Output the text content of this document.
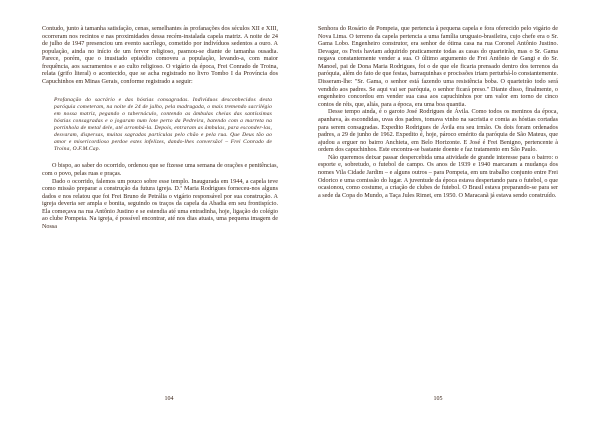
Contudo, junto à tamanha satisfação, cenas, semelhantes às profanações dos séculos XII e XIII, ocorreram nos recintos e nas proximidades dessa recém-instalada capela matriz. A noite de 24 de julho de 1947 presenciou um evento sacrílego, cometido por indivíduos sedentos a ouro. A população, ainda no início de um fervor religioso, pasmou-se diante de tamanha ousadia. Parece, porém, que o inusitado episódio comoveu a população, levando-a, com maior frequência, aos sacramentos e ao culto religioso. O vigário da época, Frei Conrado de Troina, relata (grifo literal) o acontecido, que se acha registrado no livro Tombo I da Província dos Capuchinhos em Minas Gerais, conforme registrado a seguir:

Profanação do sacrário e das hóstias consagradas. Indivíduos desconhecidos desta paróquia cometeram, na noite de 24 de julho, pela madrugada, o mais tremendo sacrilégio em nossa matriz, pegando o tabernáculo, contendo as âmbulas cheias das santíssimas hóstias consagradas e o jogaram num lote perto da Pedreira, batendo com a marreta na portinhola de metal dele, até arrombá-la. Depois, entraram as âmbulas, para esconder-las, desvaram, dispersas, muitas sagradas partículas pelo chão e pela rua. Que Deus tão ao amor e misericordioso perdoe estes infelizes, dando-lhes conversão! – Frei Conrado de Troina, O.F.M.Cap.

O bispo, ao saber do ocorrido, ordenou que se fizesse uma semana de orações e penitências, com o povo, pelas ruas e praças.

Dado o ocorrido, falemos um pouco sobre esse templo. Inaugurada em 1944, a capela teve como missão preparar a construção da futura igreja. D.ª Maria Rodrigues forneceu-nos alguns dados e nos relatou que foi Frei Bruno de Petrália o vigário responsável por sua construção. A igreja deveria ser ampla e bonita, seguindo os traços da capela da Abadia em seu frontispício. Ela começava na rua Antônio Justino e se estendia até uma entradinha, hoje, ligação do colégio ao clube Pompeia. Na igreja, é possível encontrar, até nos dias atuais, uma pequena imagem de Nossa

104

Senhora do Rosário de Pompeia, que pertencia à pequena capela e fora oferecido pelo vigário de Nova Lima. O terreno da capela pertencia a uma família uruguaio-brasileira, cujo chefe era o Sr. Gama Lobo. Engenheiro construtor, era senhor de ótima casa na rua Coronel Antônio Justino. Devagar, os Freis haviam adquirido praticamente todas as casas do quarteirão, mas o Sr. Gama negava constantemente vender a sua. O último argumento de Frei Antônio de Gangi e do Sr. Manoel, pai de Dona Maria Rodrigues, foi o de que ele ficaria prensado dentro dos terrenos da paróquia, além do fato de que festas, barraquinhas e procissões iriam perturbá-lo constantemente. Disseram-lhe: "Sr. Gama, o senhor está fazendo uma resistência boba. O quarteirão todo será vendido aos padres. Se aqui vai ser paróquia, o senhor ficará preso." Diante disso, finalmente, o engenheiro concordou em vender sua casa aos capuchinhos por um valor em torno de cinco contos de réis, que, aliás, para a época, era uma boa quantia.

Desse tempo ainda, é o garoto José Rodrigues de Ávila. Como todos os meninos da época, apanhava, às escondidas, uvas dos padres, tomava vinho na sacristia e comia as hóstias cortadas para serem consagradas. Expedito Rodrigues de Ávila era seu irmão. Os dois foram ordenados padres, a 29 de junho de 1962. Expedito é, hoje, pároco emérito da paróquia de São Mateus, que ajudou a erguer no bairro Anchieta, em Belo Horizonte. E José é Frei Benigno, pertencente à ordem dos capuchinhos. Este encontra-se bastante doente e faz tratamento em São Paulo.

Não queremos deixar passar despercebida uma atividade de grande interesse para o bairro: o esporte e, sobretudo, o futebol de campo. Os anos de 1939 e 1940 marcaram a mudança dos nomes Vila Cidade Jardim – e alguns outros – para Pompeia, em um trabalho conjunto entre Frei Odorico e uma comissão do lugar. A juventude da época estava despertando para o futebol, o que ocasionou, como costume, a criação de clubes de futebol. O Brasil estava preparando-se para ser a sede da Copa do Mundo, a Taça Jules Rimet, em 1950. O Maracanã já estava sendo construído.

105
